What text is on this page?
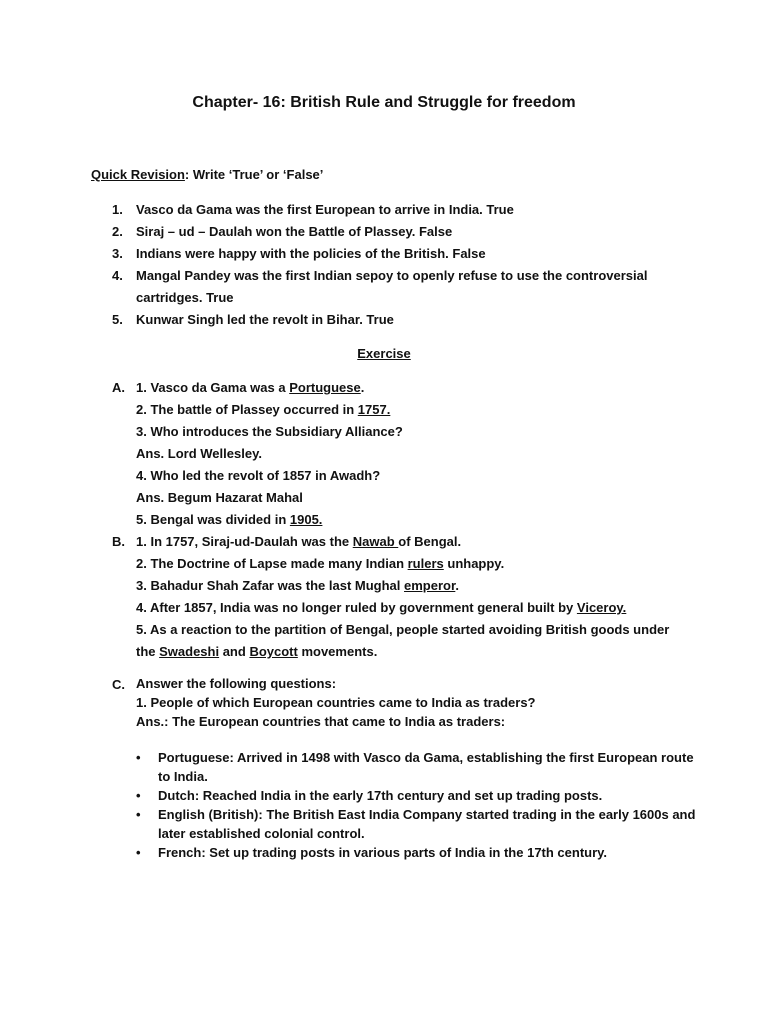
Chapter- 16: British Rule and Struggle for freedom
Quick Revision: Write ‘True’ or ‘False’
1. Vasco da Gama was the first European to arrive in India. True
2. Siraj – ud – Daulah won the Battle of Plassey. False
3. Indians were happy with the policies of the British. False
4. Mangal Pandey was the first Indian sepoy to openly refuse to use the controversial cartridges. True
5. Kunwar Singh led the revolt in Bihar. True
Exercise
A. 1. Vasco da Gama was a Portuguese.
2. The battle of Plassey occurred in 1757.
3. Who introduces the Subsidiary Alliance?
Ans. Lord Wellesley.
4. Who led the revolt of 1857 in Awadh?
Ans. Begum Hazarat Mahal
5. Bengal was divided in 1905.
B. 1. In 1757, Siraj-ud-Daulah was the Nawab of Bengal.
2. The Doctrine of Lapse made many Indian rulers unhappy.
3. Bahadur Shah Zafar was the last Mughal emperor.
4. After 1857, India was no longer ruled by government general built by Viceroy.
5. As a reaction to the partition of Bengal, people started avoiding British goods under
the Swadeshi and Boycott movements.
C. Answer the following questions:
1. People of which European countries came to India as traders?
Ans.: The European countries that came to India as traders:
• Portuguese: Arrived in 1498 with Vasco da Gama, establishing the first European route to India.
• Dutch: Reached India in the early 17th century and set up trading posts.
• English (British): The British East India Company started trading in the early 1600s and later established colonial control.
• French: Set up trading posts in various parts of India in the 17th century.
